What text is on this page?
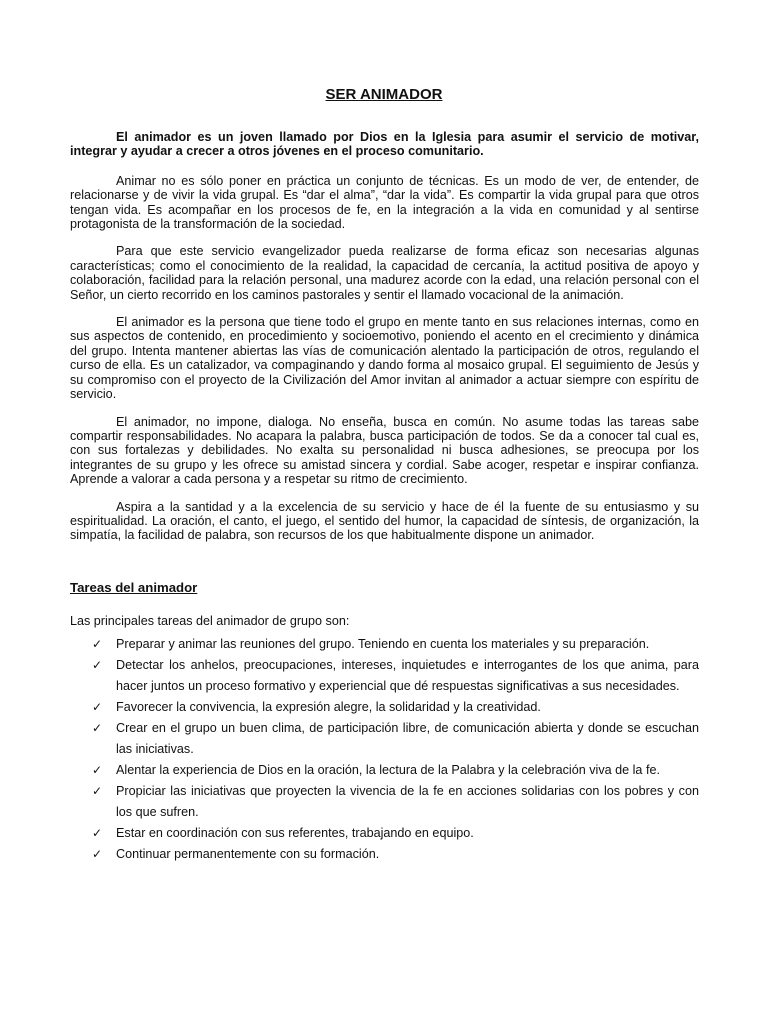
SER ANIMADOR

El animador es un joven llamado por Dios en la Iglesia para asumir el servicio de motivar, integrar y ayudar a crecer a otros jóvenes en el proceso comunitario.

Animar no es sólo poner en práctica un conjunto de técnicas. Es un modo de ver, de entender, de relacionarse y de vivir la vida grupal. Es “dar el alma”, “dar la vida”. Es compartir la vida grupal para que otros tengan vida. Es acompañar en los procesos de fe, en la integración a la vida en comunidad y al sentirse protagonista de la transformación de la sociedad.

Para que este servicio evangelizador pueda realizarse de forma eficaz son necesarias algunas características; como el conocimiento de la realidad, la capacidad de cercanía, la actitud positiva de apoyo y colaboración, facilidad para la relación personal, una madurez acorde con la edad, una relación personal con el Señor, un cierto recorrido en los caminos pastorales y sentir el llamado vocacional de la animación.

El animador es la persona que tiene todo el grupo en mente tanto en sus relaciones internas, como en sus aspectos de contenido, en procedimiento y socioemotivo, poniendo el acento en el crecimiento y dinámica del grupo. Intenta mantener abiertas las vías de comunicación alentado la participación de otros, regulando el curso de ella. Es un catalizador, va compaginando y dando forma al mosaico grupal. El seguimiento de Jesús y su compromiso con el proyecto de la Civilización del Amor invitan al animador a actuar siempre con espíritu de servicio.

El animador, no impone, dialoga. No enseña, busca en común. No asume todas las tareas sabe compartir responsabilidades. No acapara la palabra, busca participación de todos. Se da a conocer tal cual es, con sus fortalezas y debilidades. No exalta su personalidad ni busca adhesiones, se preocupa por los integrantes de su grupo y les ofrece su amistad sincera y cordial. Sabe acoger, respetar e inspirar confianza. Aprende a valorar a cada persona y a respetar su ritmo de crecimiento.

Aspira a la santidad y a la excelencia de su servicio y hace de él la fuente de su entusiasmo y su espiritualidad. La oración, el canto, el juego, el sentido del humor, la capacidad de síntesis, de organización, la simpatía, la facilidad de palabra, son recursos de los que habitualmente dispone un animador.

Tareas del animador
Las principales tareas del animador de grupo son:
✓ Preparar y animar las reuniones del grupo. Teniendo en cuenta los materiales y su preparación.
✓ Detectar los anhelos, preocupaciones, intereses, inquietudes e interrogantes de los que anima, para hacer juntos un proceso formativo y experiencial que dé respuestas significativas a sus necesidades.
✓ Favorecer la convivencia, la expresión alegre, la solidaridad y la creatividad.
✓ Crear en el grupo un buen clima, de participación libre, de comunicación abierta y donde se escuchan las iniciativas.
✓ Alentar la experiencia de Dios en la oración, la lectura de la Palabra y la celebración viva de la fe.
✓ Propiciar las iniciativas que proyecten la vivencia de la fe en acciones solidarias con los pobres y con los que sufren.
✓ Estar en coordinación con sus referentes, trabajando en equipo.
✓ Continuar permanentemente con su formación.
